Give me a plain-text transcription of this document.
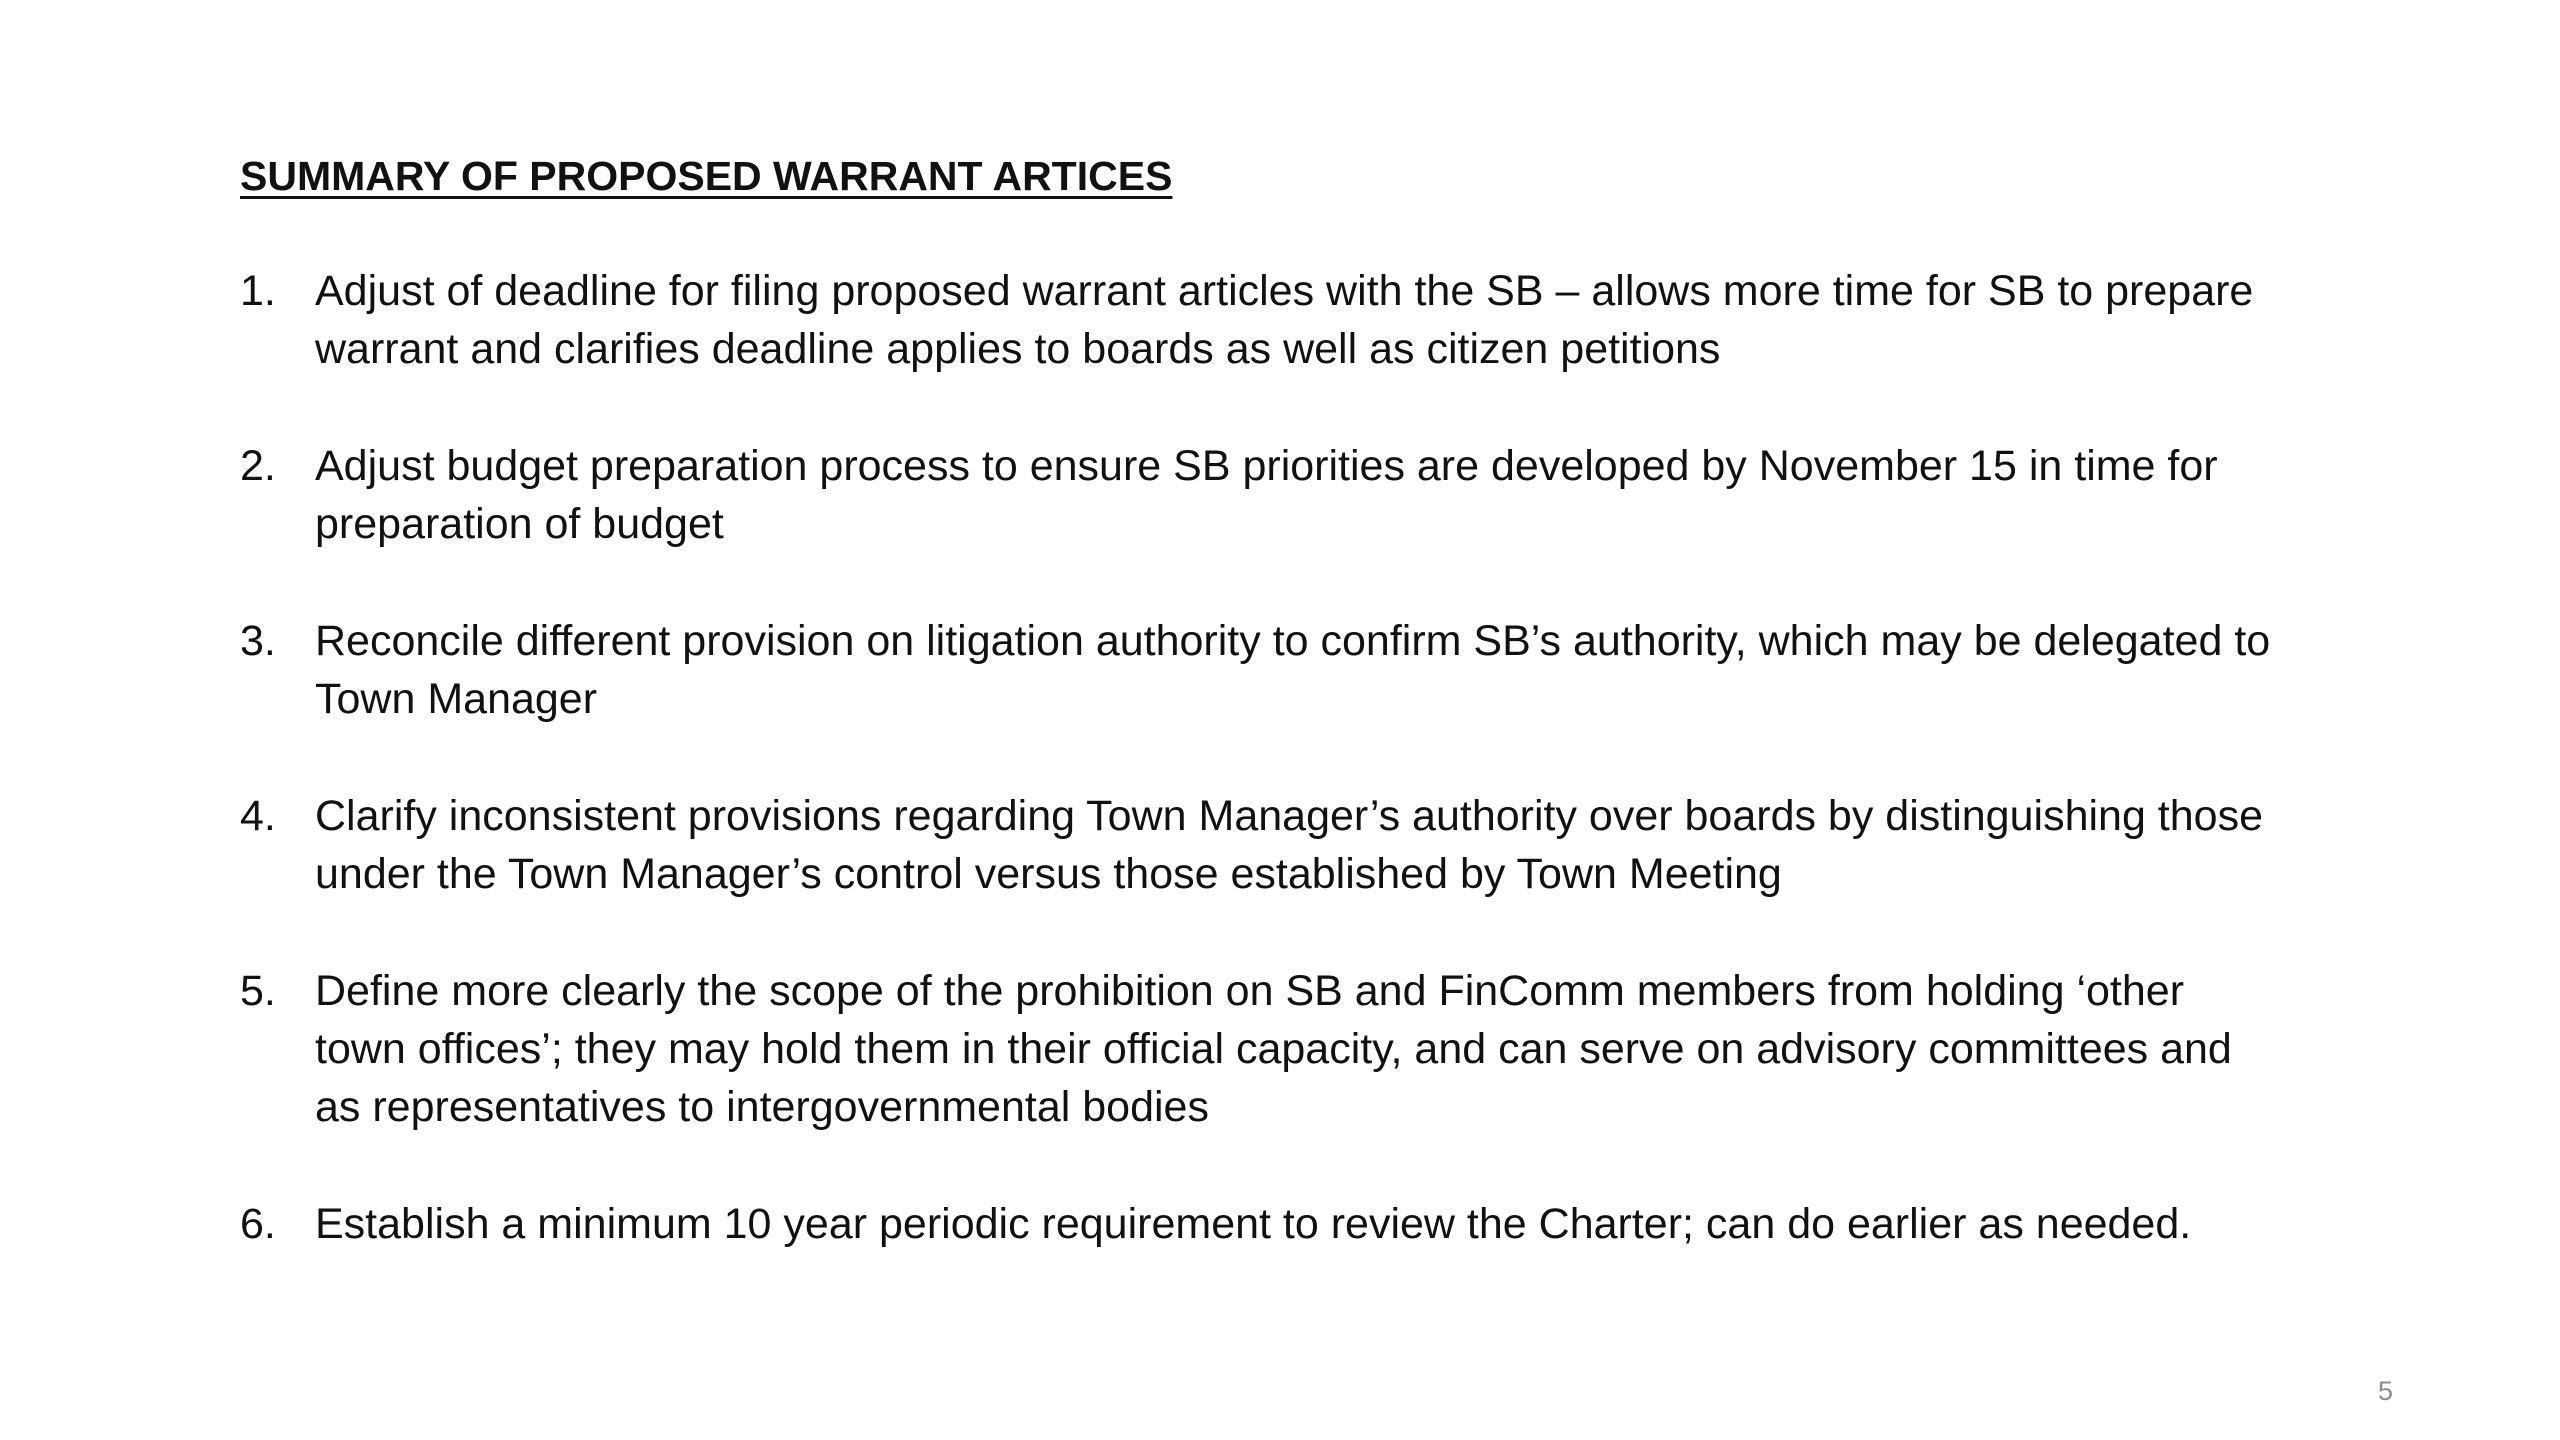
SUMMARY OF PROPOSED WARRANT ARTICES
1. Adjust of deadline for filing proposed warrant articles with the SB – allows more time for SB to prepare warrant and clarifies deadline applies to boards as well as citizen petitions
2. Adjust budget preparation process to ensure SB priorities are developed by November 15 in time for preparation of budget
3. Reconcile different provision on litigation authority to confirm SB’s authority, which may be delegated to Town Manager
4. Clarify inconsistent provisions regarding Town Manager’s authority over boards by distinguishing those under the Town Manager’s control versus those established by Town Meeting
5. Define more clearly the scope of the prohibition on SB and FinComm members from holding ‘other town offices’; they may hold them in their official capacity, and can serve on advisory committees and as representatives to intergovernmental bodies
6. Establish a minimum 10 year periodic requirement to review the Charter; can do earlier as needed.
5
